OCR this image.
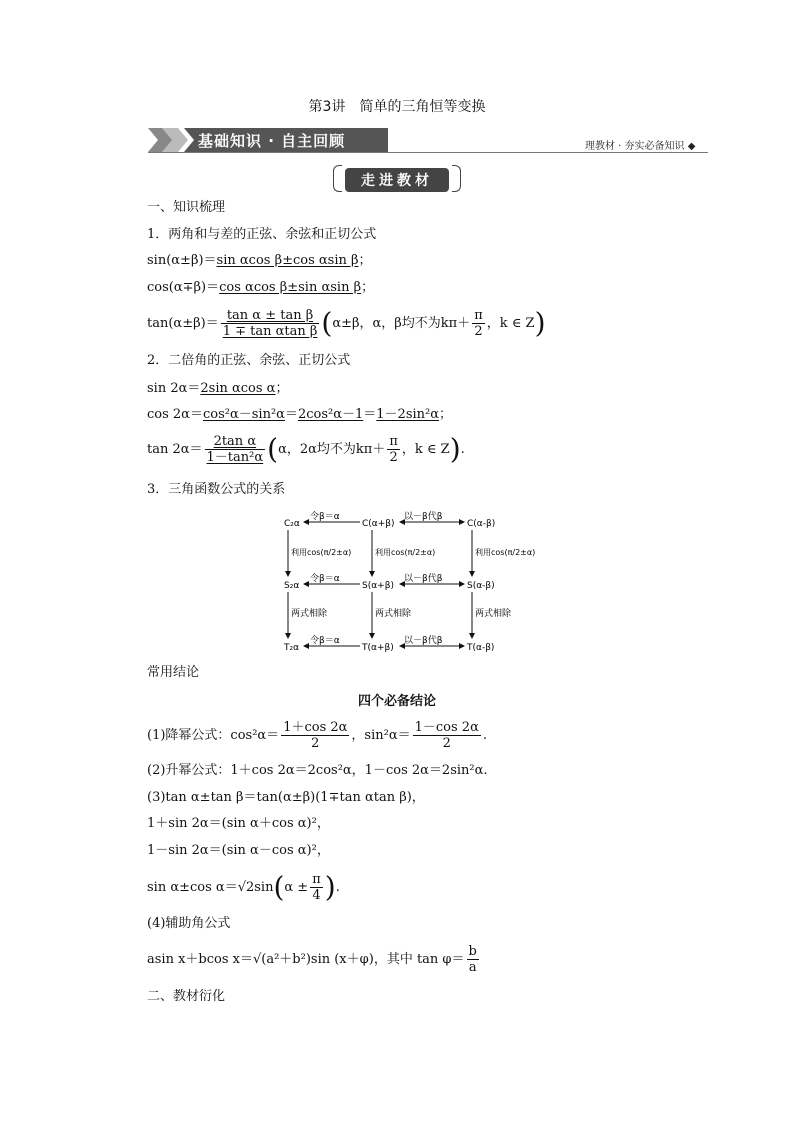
第3讲　简单的三角恒等变换
基础知识 · 自主回顾	理教材 · 夯实必备知识 ◆
走进教材
一、知识梳理
1．两角和与差的正弦、余弦和正切公式
sin(α±β)＝sin αcos β±cos αsin β；
cos(α∓β)＝cos αcos β±sin αsin β；
$\tan(\alpha\pm\beta)= \frac{\text{tan α ± tan β}}{\text{1 ∓ tan αtan β}} (\alpha\pm\beta$，α，β均不为$k\pi+ \frac{\pi}{2}$ ，k ∈ Z)
2．二倍角的正弦、余弦、正切公式
sin 2α＝2sin αcos α；
cos 2α＝cos²α－sin²α＝2cos²α－1＝1－2sin²α；
$\tan 2\alpha= \frac{\text{2tan α}}{\text{1－tan²α}} (\alpha$，2α均不为$k\pi+ \frac{\pi}{2}$ ，k ∈ Z).
3．三角函数公式的关系
C₂α	C(α+β)	C(α-β)
S₂α	S(α+β)	S(α-β)
T₂α	T(α+β)	T(α-β)
令β＝α	以－β代β
令β＝α	以－β代β
令β＝α	以－β代β
利用cos(π/2±α)	利用cos(π/2±α)	利用cos(π/2±α)
两式相除	两式相除	两式相除
常用结论
四个必备结论
(1)降幂公式：$\cos^2\alpha= \frac{1+\cos 2\alpha}{2}$ ，$\sin^2\alpha= \frac{1-\cos 2\alpha}{2}$ .
(2)升幂公式：1＋cos 2α＝2cos²α，1－cos 2α＝2sin²α.
(3)tan α±tan β＝tan(α±β)(1∓tan αtan β)，
1＋sin 2α＝(sin α＋cos α)²，
1－sin 2α＝(sin α－cos α)²，
sin α±cos $\alpha=√2\sin(\alpha \pm \frac{\pi}{4}$ ).
(4)辅助角公式
asin x＋bcos x＝√(a²＋b²)sin (x＋φ)，其中 $\tan \varphi= \frac{b}{a}$
二、教材衍化
